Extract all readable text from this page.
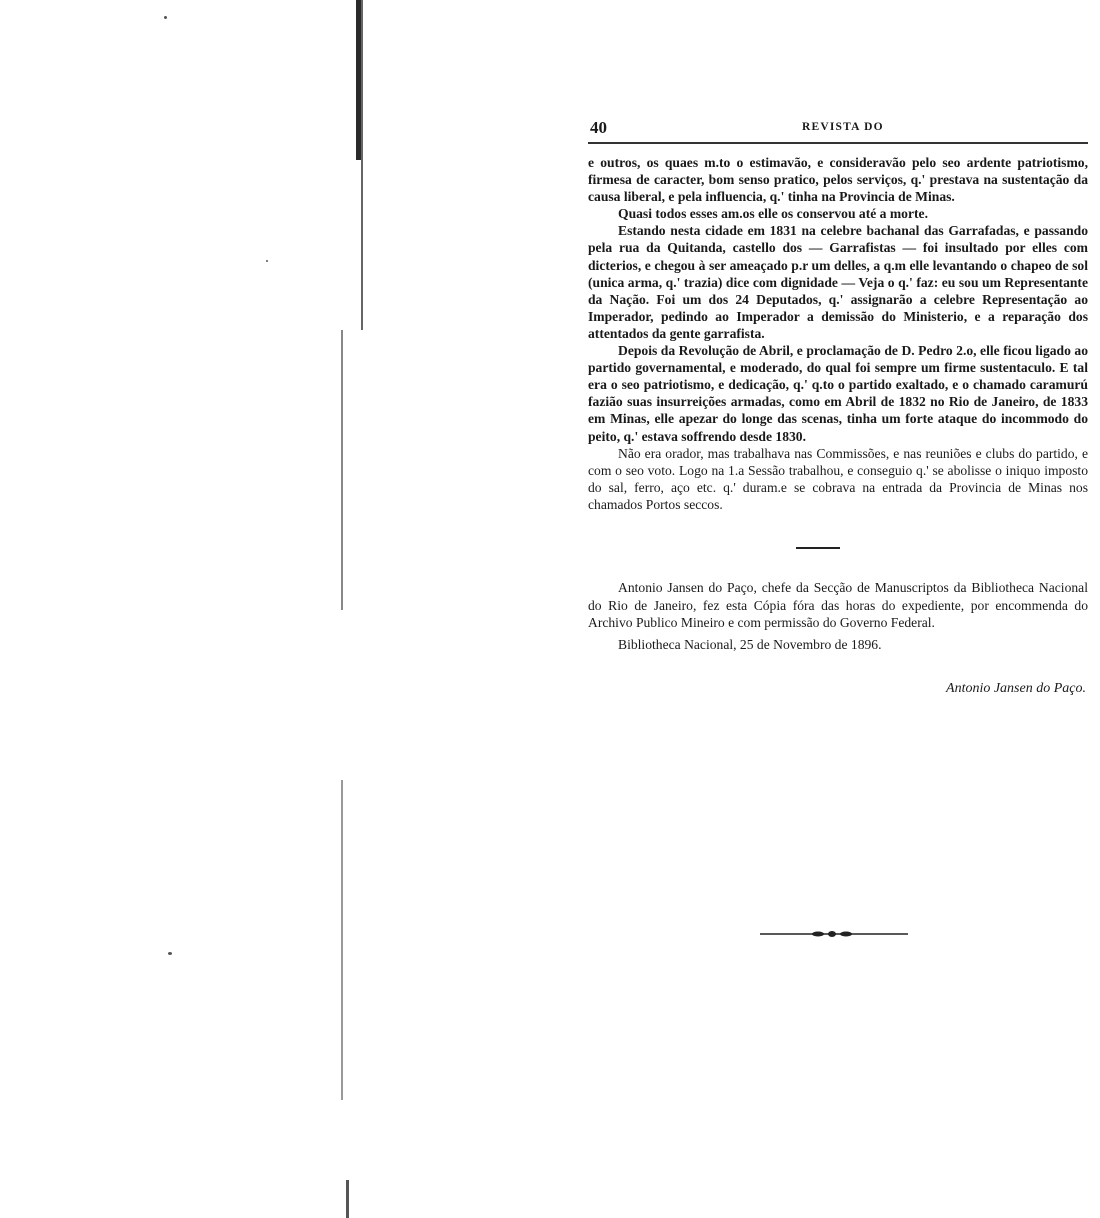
40	REVISTA DO

e outros, os quaes m.to o estimavão, e consideravão pelo seo ardente patriotismo, firmesa de caracter, bom senso pratico, pelos serviços, q.' prestava na sustentação da causa liberal, e pela influencia, q.' tinha na Provincia de Minas.

Quasi todos esses am.os elle os conservou até a morte.

Estando nesta cidade em 1831 na celebre bachanal das Garrafadas, e passando pela rua da Quitanda, castello dos — Garrafistas — foi insultado por elles com dicterios, e chegou à ser ameaçado p.r um delles, a q.m elle levantando o chapeo de sol (unica arma, q.' trazia) dice com dignidade — Veja o q.' faz: eu sou um Representante da Nação. Foi um dos 24 Deputados, q.' assignarão a celebre Representação ao Imperador, pedindo ao Imperador a demissão do Ministerio, e a reparação dos attentados da gente garrafista.

Depois da Revolução de Abril, e proclamação de D. Pedro 2.o, elle ficou ligado ao partido governamental, e moderado, do qual foi sempre um firme sustentaculo. E tal era o seo patriotismo, e dedicação, q.' q.to o partido exaltado, e o chamado caramurú fazião suas insurreições armadas, como em Abril de 1832 no Rio de Janeiro, de 1833 em Minas, elle apezar do longe das scenas, tinha um forte ataque do incommodo do peito, q.' estava soffrendo desde 1830.

Não era orador, mas trabalhava nas Commissões, e nas reuniões e clubs do partido, e com o seo voto. Logo na 1.a Sessão trabalhou, e conseguio q.' se abolisse o iniquo imposto do sal, ferro, aço etc. q.' duram.e se cobrava na entrada da Provincia de Minas nos chamados Portos seccos.

Antonio Jansen do Paço, chefe da Secção de Manuscriptos da Bibliotheca Nacional do Rio de Janeiro, fez esta Cópia fóra das horas do expediente, por encommenda do Archivo Publico Mineiro e com permissão do Governo Federal.

Bibliotheca Nacional, 25 de Novembro de 1896.

Antonio Jansen do Paço.
